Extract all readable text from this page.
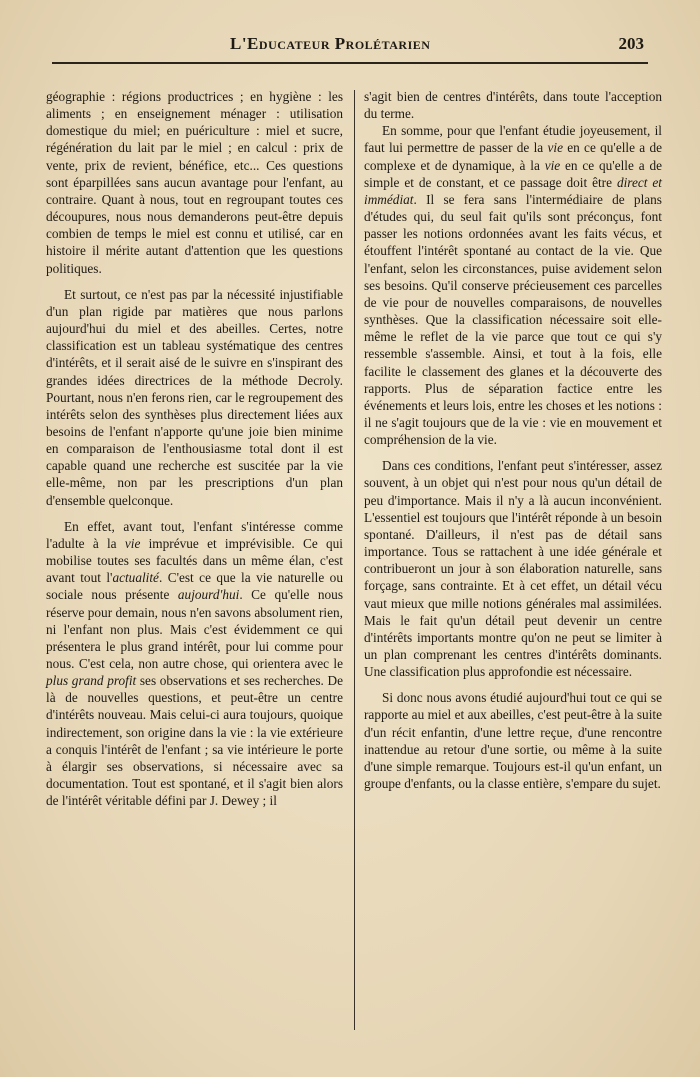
L'Educateur Prolétarien	203

géographie : régions productrices ; en hygiène : les aliments ; en enseignement ménager : utilisation domestique du miel; en puériculture : miel et sucre, régénération du lait par le miel ; en calcul : prix de vente, prix de revient, bénéfice, etc... Ces questions sont éparpillées sans aucun avantage pour l'enfant, au contraire. Quant à nous, tout en regroupant toutes ces découpures, nous nous demanderons peut-être depuis combien de temps le miel est connu et utilisé, car en histoire il mérite autant d'attention que les questions politiques.

Et surtout, ce n'est pas par la nécessité injustifiable d'un plan rigide par matières que nous parlons aujourd'hui du miel et des abeilles. Certes, notre classification est un tableau systématique des centres d'intérêts, et il serait aisé de le suivre en s'inspirant des grandes idées directrices de la méthode Decroly. Pourtant, nous n'en ferons rien, car le regroupement des intérêts selon des synthèses plus directement liées aux besoins de l'enfant n'apporte qu'une joie bien minime en comparaison de l'enthousiasme total dont il est capable quand une recherche est suscitée par la vie elle-même, non par les prescriptions d'un plan d'ensemble quelconque.

En effet, avant tout, l'enfant s'intéresse comme l'adulte à la vie imprévue et imprévisible. Ce qui mobilise toutes ses facultés dans un même élan, c'est avant tout l'actualité. C'est ce que la vie naturelle ou sociale nous présente aujourd'hui. Ce qu'elle nous réserve pour demain, nous n'en savons absolument rien, ni l'enfant non plus. Mais c'est évidemment ce qui présentera le plus grand intérêt, pour lui comme pour nous. C'est cela, non autre chose, qui orientera avec le plus grand profit ses observations et ses recherches. De là de nouvelles questions, et peut-être un centre d'intérêts nouveau. Mais celui-ci aura toujours, quoique indirectement, son origine dans la vie : la vie extérieure a conquis l'intérêt de l'enfant ; sa vie intérieure le porte à élargir ses observations, si nécessaire avec sa documentation. Tout est spontané, et il s'agit bien alors de l'intérêt véritable défini par J. Dewey ; il

s'agit bien de centres d'intérêts, dans toute l'acception du terme.

En somme, pour que l'enfant étudie joyeusement, il faut lui permettre de passer de la vie en ce qu'elle a de complexe et de dynamique, à la vie en ce qu'elle a de simple et de constant, et ce passage doit être direct et immédiat. Il se fera sans l'intermédiaire de plans d'études qui, du seul fait qu'ils sont préconçus, font passer les notions ordonnées avant les faits vécus, et étouffent l'intérêt spontané au contact de la vie. Que l'enfant, selon les circonstances, puise avidement selon ses besoins. Qu'il conserve précieusement ces parcelles de vie pour de nouvelles comparaisons, de nouvelles synthèses. Que la classification nécessaire soit elle-même le reflet de la vie parce que tout ce qui s'y ressemble s'assemble. Ainsi, et tout à la fois, elle facilite le classement des glanes et la découverte des rapports. Plus de séparation factice entre les événements et leurs lois, entre les choses et les notions : il ne s'agit toujours que de la vie : vie en mouvement et compréhension de la vie.

Dans ces conditions, l'enfant peut s'intéresser, assez souvent, à un objet qui n'est pour nous qu'un détail de peu d'importance. Mais il n'y a là aucun inconvénient. L'essentiel est toujours que l'intérêt réponde à un besoin spontané. D'ailleurs, il n'est pas de détail sans importance. Tous se rattachent à une idée générale et contribueront un jour à son élaboration naturelle, sans forçage, sans contrainte. Et à cet effet, un détail vécu vaut mieux que mille notions générales mal assimilées. Mais le fait qu'un détail peut devenir un centre d'intérêts importants montre qu'on ne peut se limiter à un plan comprenant les centres d'intérêts dominants. Une classification plus approfondie est nécessaire.

Si donc nous avons étudié aujourd'hui tout ce qui se rapporte au miel et aux abeilles, c'est peut-être à la suite d'un récit enfantin, d'une lettre reçue, d'une rencontre inattendue au retour d'une sortie, ou même à la suite d'une simple remarque. Toujours est-il qu'un enfant, un groupe d'enfants, ou la classe entière, s'empare du sujet.
